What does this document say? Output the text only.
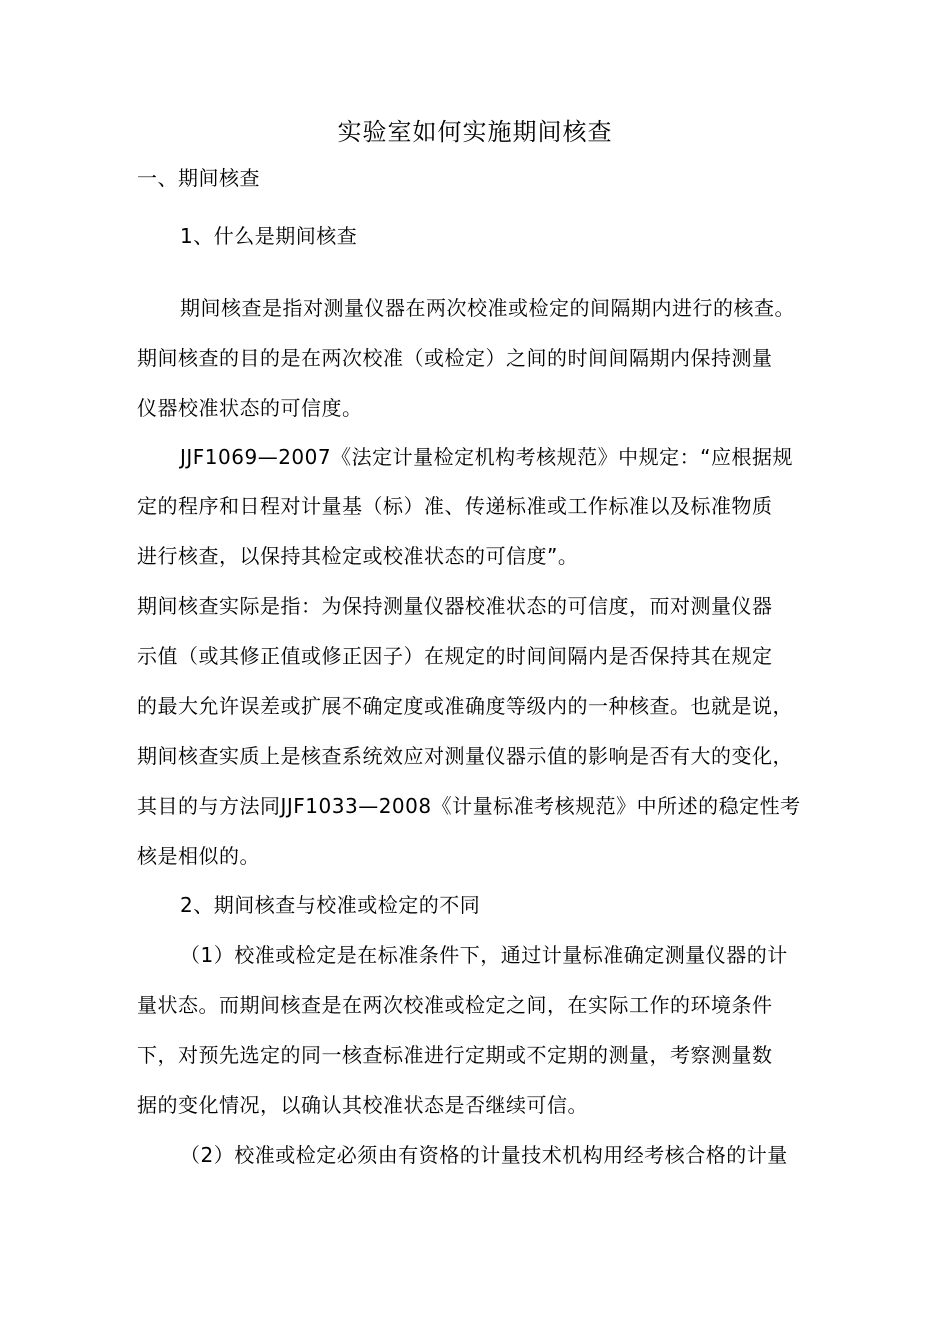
实验室如何实施期间核查
一、期间核查
1、什么是期间核查
期间核查是指对测量仪器在两次校准或检定的间隔期内进行的核查。
期间核查的目的是在两次校准（或检定）之间的时间间隔期内保持测量
仪器校准状态的可信度。
JJF1069—2007《法定计量检定机构考核规范》中规定：“应根据规
定的程序和日程对计量基（标）准、传递标准或工作标准以及标准物质
进行核查，以保持其检定或校准状态的可信度”。
期间核查实际是指：为保持测量仪器校准状态的可信度，而对测量仪器
示值（或其修正值或修正因子）在规定的时间间隔内是否保持其在规定
的最大允许误差或扩展不确定度或准确度等级内的一种核查。也就是说，
期间核查实质上是核查系统效应对测量仪器示值的影响是否有大的变化，
其目的与方法同JJF1033—2008《计量标准考核规范》中所述的稳定性考
核是相似的。
2、期间核查与校准或检定的不同
（1）校准或检定是在标准条件下，通过计量标准确定测量仪器的计
量状态。而期间核查是在两次校准或检定之间，在实际工作的环境条件
下，对预先选定的同一核查标准进行定期或不定期的测量，考察测量数
据的变化情况，以确认其校准状态是否继续可信。
（2）校准或检定必须由有资格的计量技术机构用经考核合格的计量
